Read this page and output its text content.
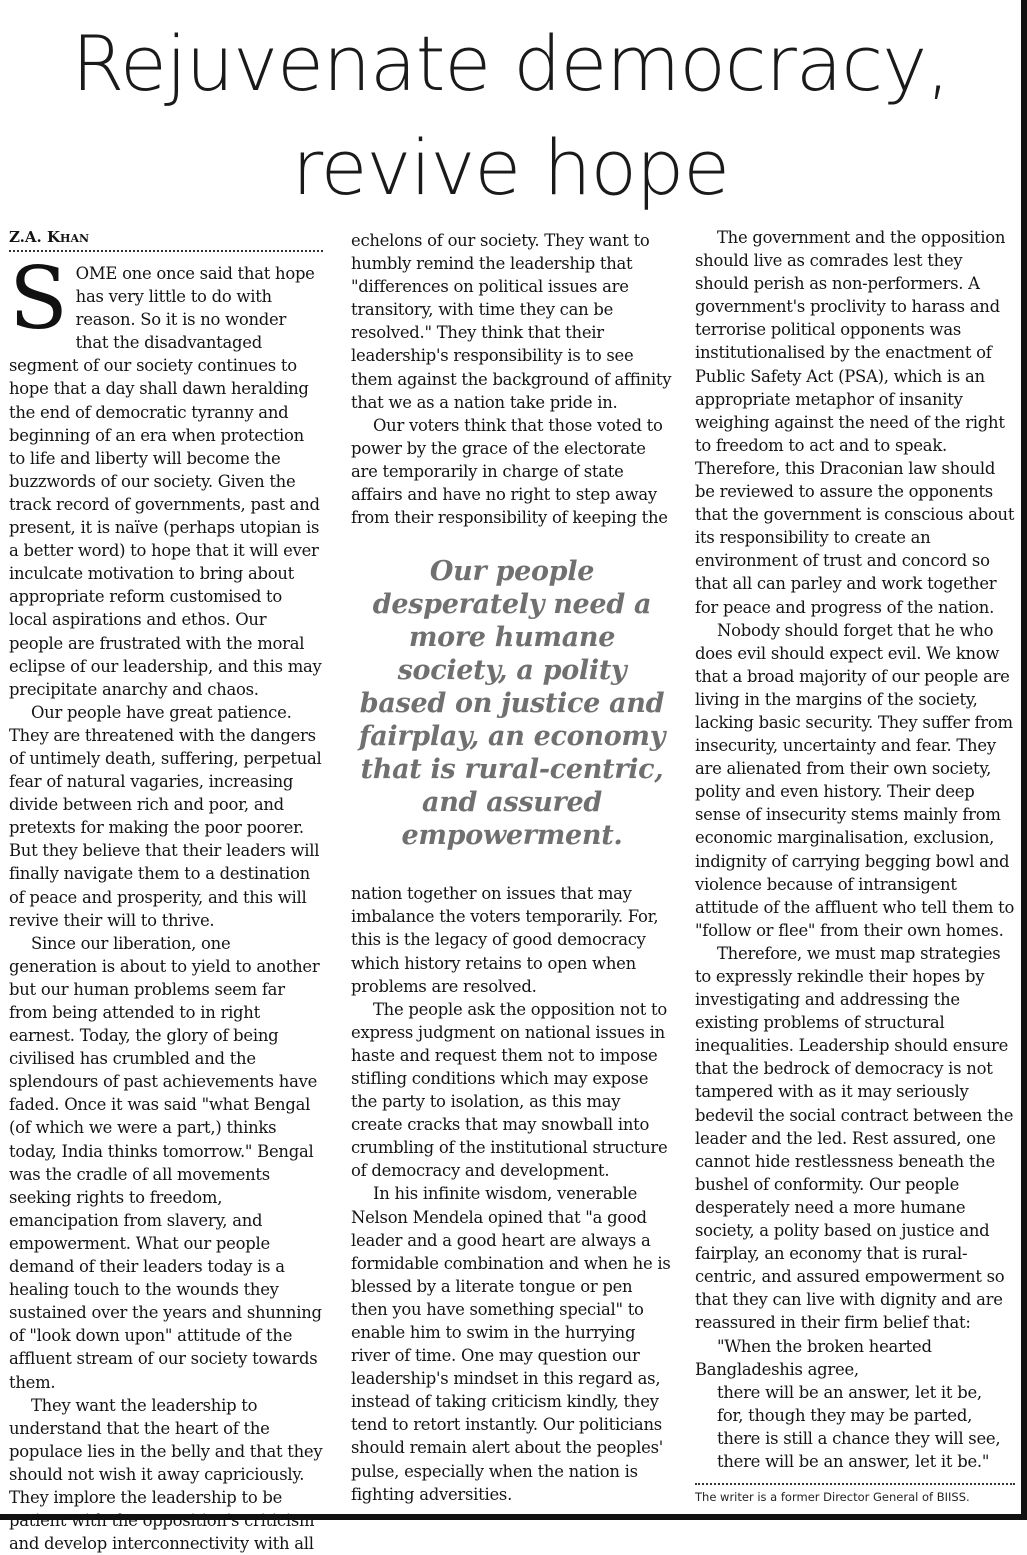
Rejuvenate democracy,
revive hope
Z.A. Khan

SOME one once said that hope has very little to do with reason. So it is no wonder that the disadvantaged segment of our society continues to hope that a day shall dawn heralding the end of democratic tyranny and beginning of an era when protection to life and liberty will become the buzzwords of our society. Given the track record of governments, past and present, it is naïve (perhaps utopian is a better word) to hope that it will ever inculcate motivation to bring about appropriate reform customised to local aspirations and ethos. Our people are frustrated with the moral eclipse of our leadership, and this may precipitate anarchy and chaos.

Our people have great patience. They are threatened with the dangers of untimely death, suffering, perpetual fear of natural vagaries, increasing divide between rich and poor, and pretexts for making the poor poorer. But they believe that their leaders will finally navigate them to a destination of peace and prosperity, and this will revive their will to thrive.

Since our liberation, one generation is about to yield to another but our human problems seem far from being attended to in right earnest. Today, the glory of being civilised has crumbled and the splendours of past achievements have faded. Once it was said "what Bengal (of which we were a part,) thinks today, India thinks tomorrow." Bengal was the cradle of all movements seeking rights to freedom, emancipation from slavery, and empowerment. What our people demand of their leaders today is a healing touch to the wounds they sustained over the years and shunning of "look down upon" attitude of the affluent stream of our society towards them.

They want the leadership to understand that the heart of the populace lies in the belly and that they should not wish it away capriciously. They implore the leadership to be patient with the opposition's criticism and develop interconnectivity with all

echelons of our society. They want to humbly remind the leadership that "differences on political issues are transitory, with time they can be resolved." They think that their leadership's responsibility is to see them against the background of affinity that we as a nation take pride in.

Our voters think that those voted to power by the grace of the electorate are temporarily in charge of state affairs and have no right to step away from their responsibility of keeping the

Our people desperately need a more humane society, a polity based on justice and fairplay, an economy that is rural-centric, and assured empowerment.

nation together on issues that may imbalance the voters temporarily. For, this is the legacy of good democracy which history retains to open when problems are resolved.

The people ask the opposition not to express judgment on national issues in haste and request them not to impose stifling conditions which may expose the party to isolation, as this may create cracks that may snowball into crumbling of the institutional structure of democracy and development.

In his infinite wisdom, venerable Nelson Mendela opined that "a good leader and a good heart are always a formidable combination and when he is blessed by a literate tongue or pen then you have something special" to enable him to swim in the hurrying river of time. One may question our leadership's mindset in this regard as, instead of taking criticism kindly, they tend to retort instantly. Our politicians should remain alert about the peoples' pulse, especially when the nation is fighting adversities.

The government and the opposition should live as comrades lest they should perish as non-performers. A government's proclivity to harass and terrorise political opponents was institutionalised by the enactment of Public Safety Act (PSA), which is an appropriate metaphor of insanity weighing against the need of the right to freedom to act and to speak. Therefore, this Draconian law should be reviewed to assure the opponents that the government is conscious about its responsibility to create an environment of trust and concord so that all can parley and work together for peace and progress of the nation.

Nobody should forget that he who does evil should expect evil. We know that a broad majority of our people are living in the margins of the society, lacking basic security. They suffer from insecurity, uncertainty and fear. They are alienated from their own society, polity and even history. Their deep sense of insecurity stems mainly from economic marginalisation, exclusion, indignity of carrying begging bowl and violence because of intransigent attitude of the affluent who tell them to "follow or flee" from their own homes.

Therefore, we must map strategies to expressly rekindle their hopes by investigating and addressing the existing problems of structural inequalities. Leadership should ensure that the bedrock of democracy is not tampered with as it may seriously bedevil the social contract between the leader and the led. Rest assured, one cannot hide restlessness beneath the bushel of conformity. Our people desperately need a more humane society, a polity based on justice and fairplay, an economy that is rural-centric, and assured empowerment so that they can live with dignity and are reassured in their firm belief that:

"When the broken hearted Bangladeshis agree,

there will be an answer, let it be,
for, though they may be parted,
there is still a chance they will see,
there will be an answer, let it be."
The writer is a former Director General of BIISS.
